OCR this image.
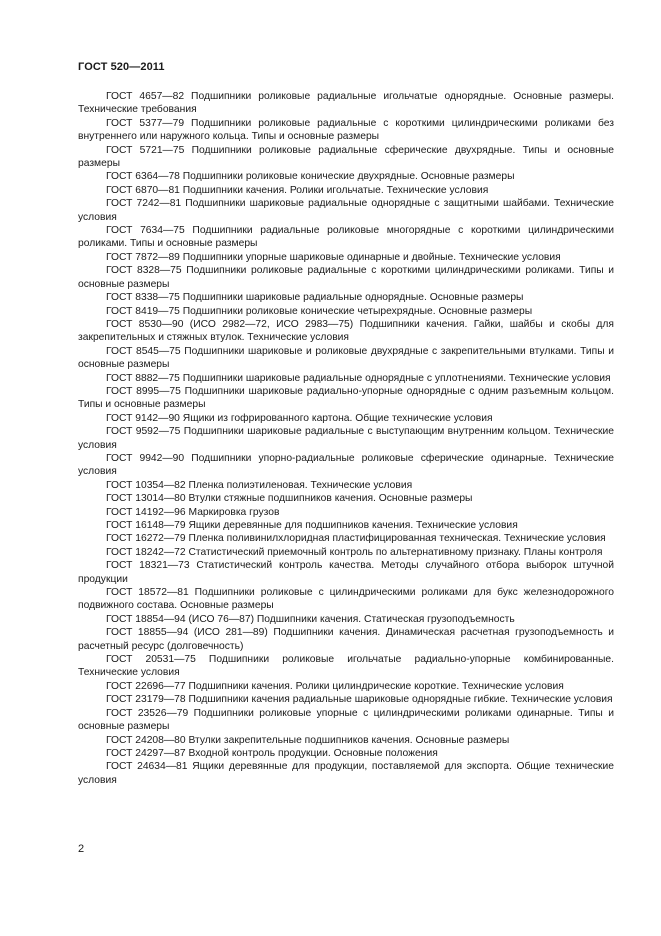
ГОСТ 520—2011

ГОСТ 4657—82 Подшипники роликовые радиальные игольчатые однорядные. Основные размеры. Технические требования

ГОСТ 5377—79 Подшипники роликовые радиальные с короткими цилиндрическими роликами без внутреннего или наружного кольца. Типы и основные размеры

ГОСТ 5721—75 Подшипники роликовые радиальные сферические двухрядные. Типы и основные размеры

ГОСТ 6364—78 Подшипники роликовые конические двухрядные. Основные размеры

ГОСТ 6870—81 Подшипники качения. Ролики игольчатые. Технические условия

ГОСТ 7242—81 Подшипники шариковые радиальные однорядные с защитными шайбами. Технические условия

ГОСТ 7634—75 Подшипники радиальные роликовые многорядные с короткими цилиндрическими роликами. Типы и основные размеры

ГОСТ 7872—89 Подшипники упорные шариковые одинарные и двойные. Технические условия

ГОСТ 8328—75 Подшипники роликовые радиальные с короткими цилиндрическими роликами. Типы и основные размеры

ГОСТ 8338—75 Подшипники шариковые радиальные однорядные. Основные размеры

ГОСТ 8419—75 Подшипники роликовые конические четырехрядные. Основные размеры

ГОСТ 8530—90 (ИСО 2982—72, ИСО 2983—75) Подшипники качения. Гайки, шайбы и скобы для закрепительных и стяжных втулок. Технические условия

ГОСТ 8545—75 Подшипники шариковые и роликовые двухрядные с закрепительными втулками. Типы и основные размеры

ГОСТ 8882—75 Подшипники шариковые радиальные однорядные с уплотнениями. Технические условия

ГОСТ 8995—75 Подшипники шариковые радиально-упорные однорядные с одним разъемным кольцом. Типы и основные размеры

ГОСТ 9142—90 Ящики из гофрированного картона. Общие технические условия

ГОСТ 9592—75 Подшипники шариковые радиальные с выступающим внутренним кольцом. Технические условия

ГОСТ 9942—90 Подшипники упорно-радиальные роликовые сферические одинарные. Технические условия

ГОСТ 10354—82 Пленка полиэтиленовая. Технические условия

ГОСТ 13014—80 Втулки стяжные подшипников качения. Основные размеры

ГОСТ 14192—96 Маркировка грузов

ГОСТ 16148—79 Ящики деревянные для подшипников качения. Технические условия

ГОСТ 16272—79 Пленка поливинилхлоридная пластифицированная техническая. Технические условия

ГОСТ 18242—72 Статистический приемочный контроль по альтернативному признаку. Планы контроля

ГОСТ 18321—73 Статистический контроль качества. Методы случайного отбора выборок штучной продукции

ГОСТ 18572—81 Подшипники роликовые с цилиндрическими роликами для букс железнодорожного подвижного состава. Основные размеры

ГОСТ 18854—94 (ИСО 76—87) Подшипники качения. Статическая грузоподъемность

ГОСТ 18855—94 (ИСО 281—89) Подшипники качения. Динамическая расчетная грузоподъемность и расчетный ресурс (долговечность)

ГОСТ 20531—75 Подшипники роликовые игольчатые радиально-упорные комбинированные. Технические условия

ГОСТ 22696—77 Подшипники качения. Ролики цилиндрические короткие. Технические условия

ГОСТ 23179—78 Подшипники качения радиальные шариковые однорядные гибкие. Технические условия

ГОСТ 23526—79 Подшипники роликовые упорные с цилиндрическими роликами одинарные. Типы и основные размеры

ГОСТ 24208—80 Втулки закрепительные подшипников качения. Основные размеры

ГОСТ 24297—87 Входной контроль продукции. Основные положения

ГОСТ 24634—81 Ящики деревянные для продукции, поставляемой для экспорта. Общие технические условия

2
